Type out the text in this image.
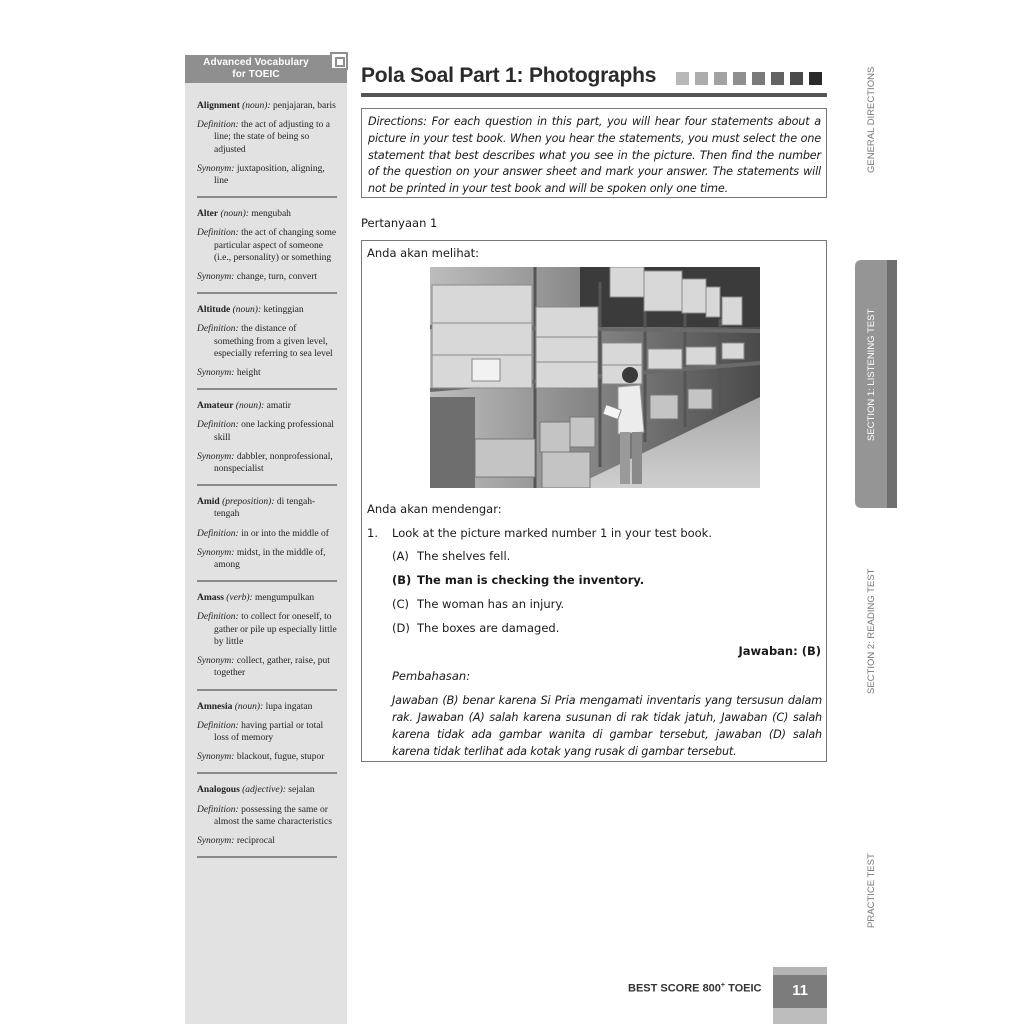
Advanced Vocabulary
for TOEIC

Alignment (noun): penjajaran, baris

Definition: the act of adjusting to a line; the state of being so adjusted

Synonym: juxtaposition, aligning, line

Alter (noun): mengubah

Definition: the act of changing some particular aspect of someone (i.e., personality) or something

Synonym: change, turn, convert

Altitude (noun): ketinggian

Definition: the distance of something from a given level, especially referring to sea level

Synonym: height

Amateur (noun): amatir

Definition: one lacking professional skill

Synonym: dabbler, nonprofessional, nonspecialist

Amid (preposition): di tengah-tengah

Definition: in or into the middle of

Synonym: midst, in the middle of, among

Amass (verb): mengumpulkan

Definition: to collect for oneself, to gather or pile up especially little by little

Synonym: collect, gather, raise, put together

Amnesia (noun): lupa ingatan

Definition: having partial or total loss of memory

Synonym: blackout, fugue, stupor

Analogous (adjective): sejalan

Definition: possessing the same or almost the same characteristics

Synonym: reciprocal

Pola Soal Part 1: Photographs
Directions: For each question in this part, you will hear four statements about a picture in your test book. When you hear the statements, you must select the one statement that best describes what you see in the picture. Then find the number of the question on your answer sheet and mark your answer. The statements will not be printed in your test book and will be spoken only one time.
Pertanyaan 1
Anda akan melihat:
Anda akan mendengar:
1. Look at the picture marked number 1 in your test book.
(A) The shelves fell.
(B) The man is checking the inventory.
(C) The woman has an injury.
(D) The boxes are damaged.
Jawaban: (B)
Pembahasan:
Jawaban (B) benar karena Si Pria mengamati inventaris yang tersusun dalam rak. Jawaban (A) salah karena susunan di rak tidak jatuh, Jawaban (C) salah karena tidak ada gambar wanita di gambar tersebut, jawaban (D) salah karena tidak terlihat ada kotak yang rusak di gambar tersebut.
GENERAL DIRECTIONS
SECTION 1: LISTENING TEST
SECTION 2: READING TEST
PRACTICE TEST
BEST SCORE 800+ TOEIC	11
